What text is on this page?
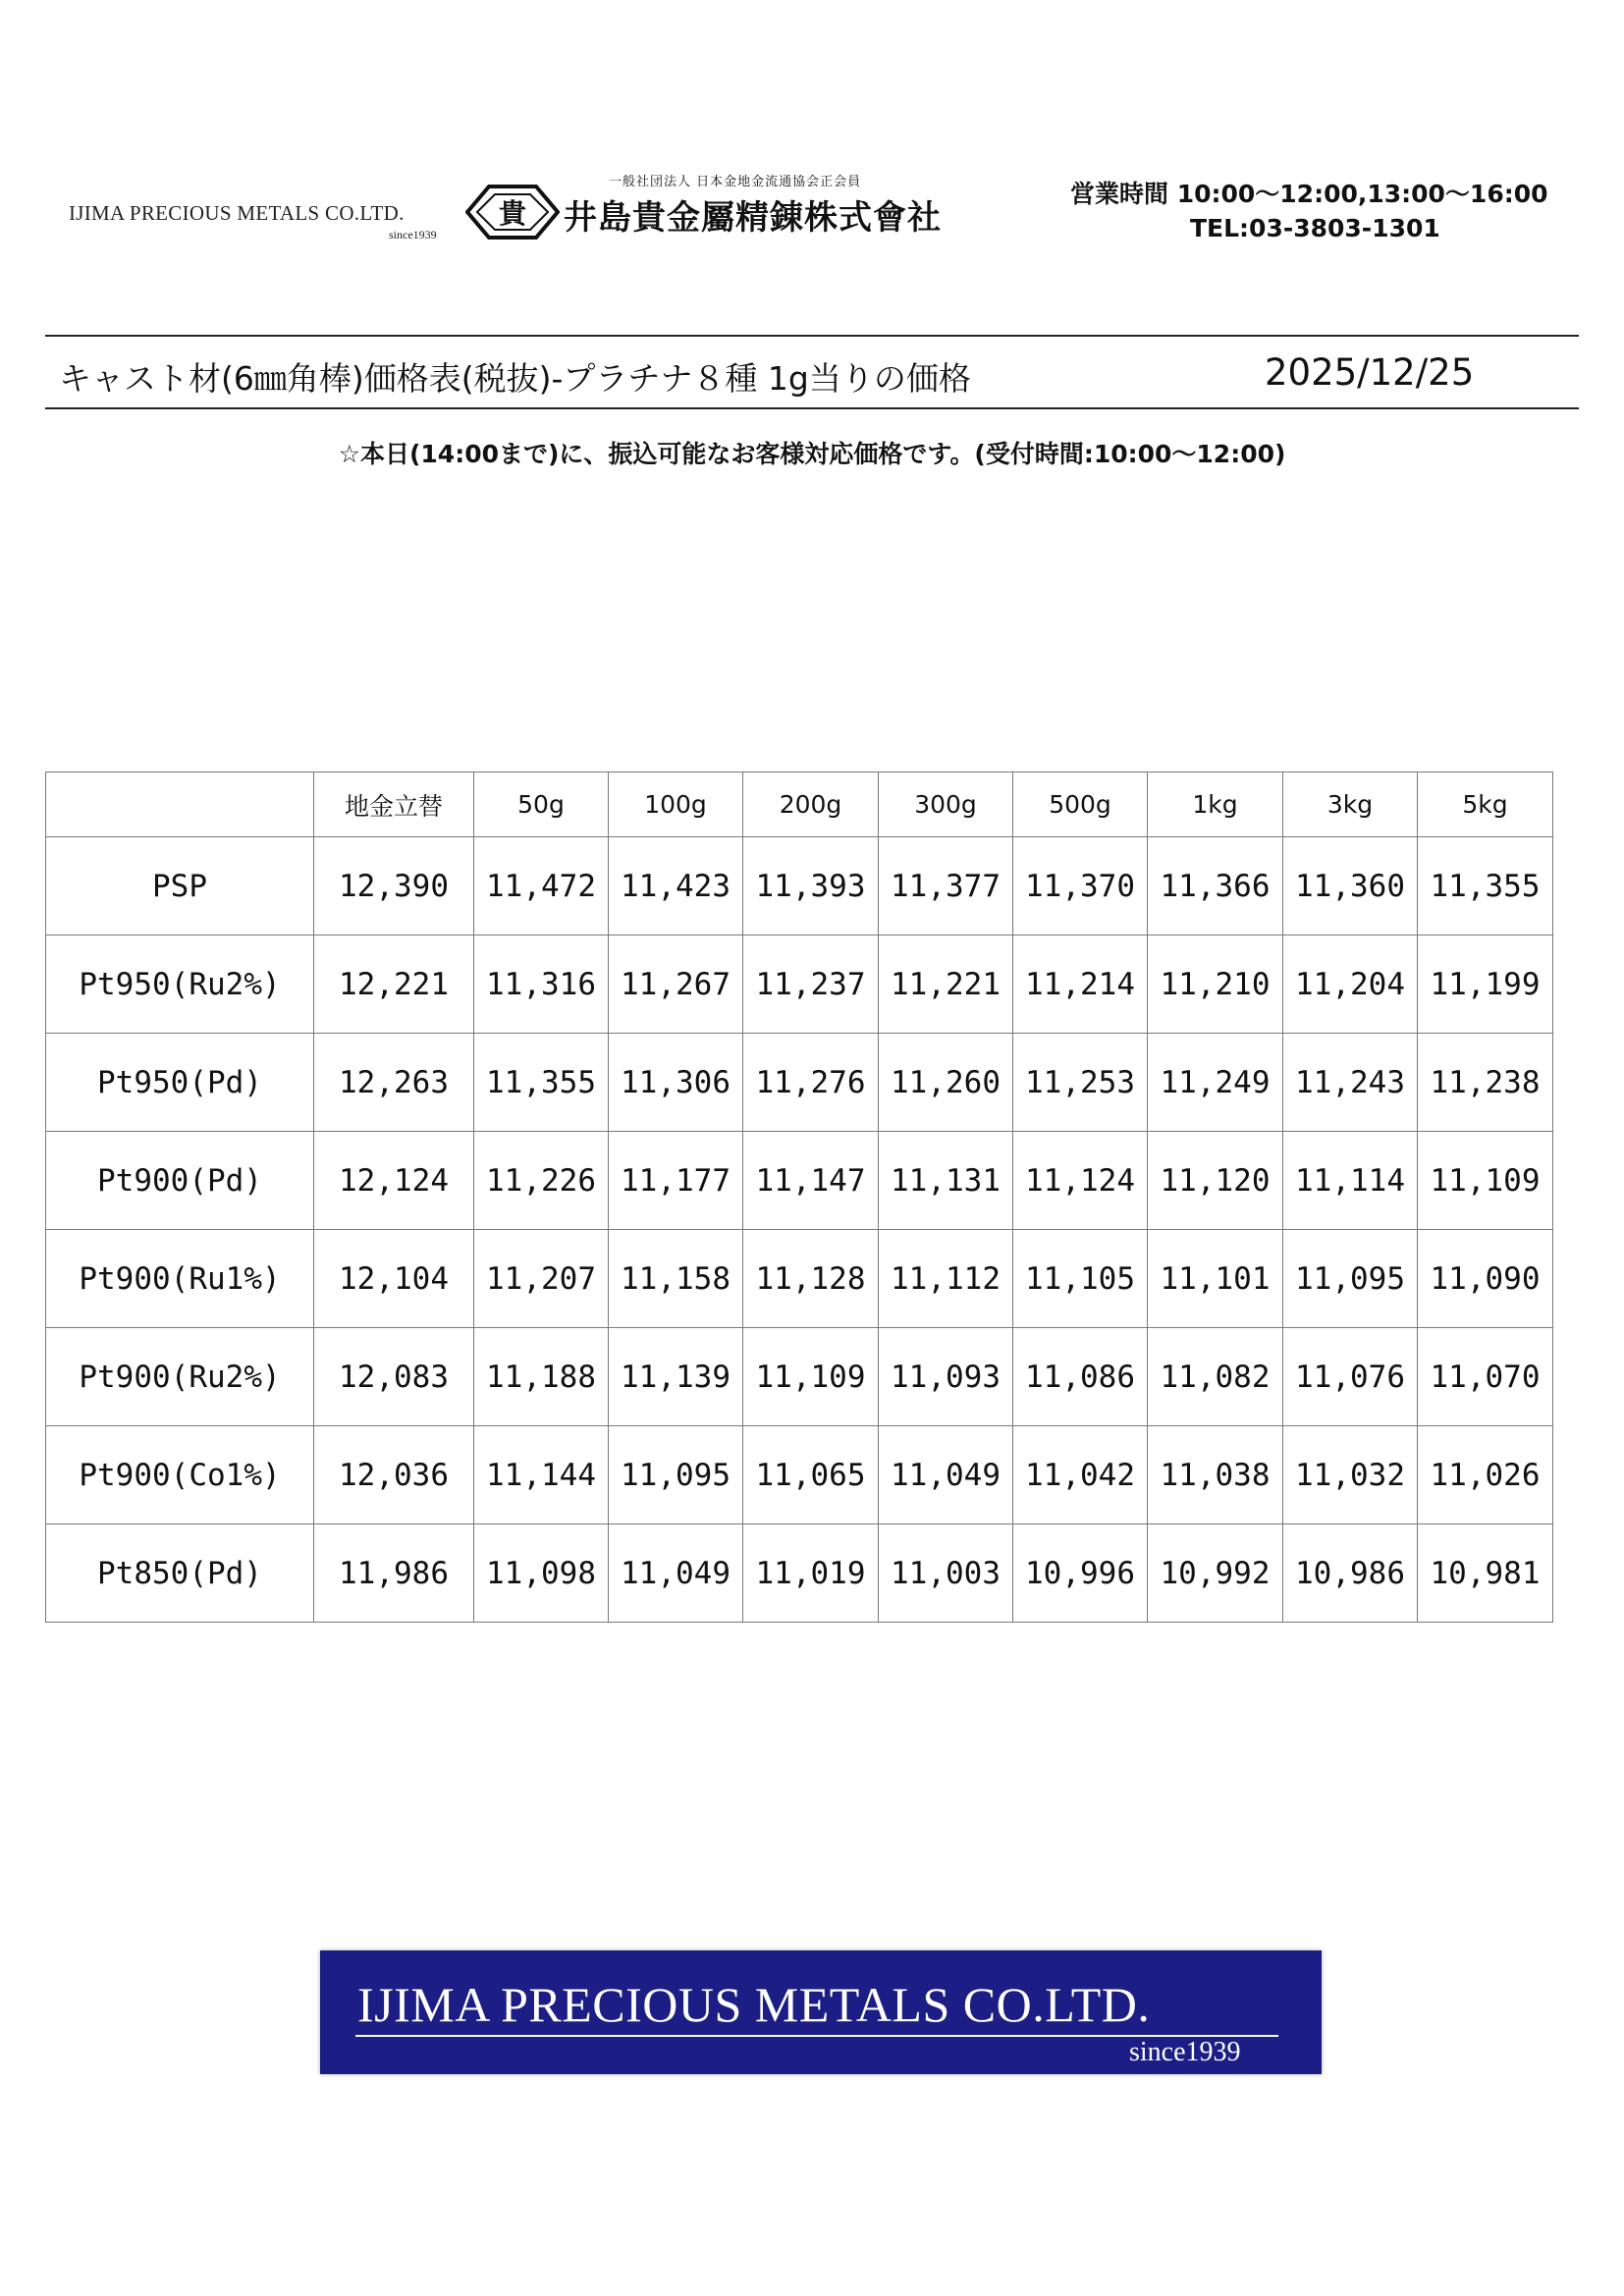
IJIMA PRECIOUS METALS CO.LTD.
since1939
貴
一般社団法人 日本金地金流通協会正会員
井島貴金屬精錬株式會社
営業時間 10:00〜12:00,13:00〜16:00
TEL:03-3803-1301
キャスト材(6㎜角棒)価格表(税抜)-プラチナ８種 1g当りの価格	2025/12/25
☆本日(14:00まで)に、振込可能なお客様対応価格です。(受付時間:10:00〜12:00)
	地金立替	50g	100g	200g	300g	500g	1kg	3kg	5kg
PSP	12,390	11,472	11,423	11,393	11,377	11,370	11,366	11,360	11,355
Pt950(Ru2%)	12,221	11,316	11,267	11,237	11,221	11,214	11,210	11,204	11,199
Pt950(Pd)	12,263	11,355	11,306	11,276	11,260	11,253	11,249	11,243	11,238
Pt900(Pd)	12,124	11,226	11,177	11,147	11,131	11,124	11,120	11,114	11,109
Pt900(Ru1%)	12,104	11,207	11,158	11,128	11,112	11,105	11,101	11,095	11,090
Pt900(Ru2%)	12,083	11,188	11,139	11,109	11,093	11,086	11,082	11,076	11,070
Pt900(Co1%)	12,036	11,144	11,095	11,065	11,049	11,042	11,038	11,032	11,026
Pt850(Pd)	11,986	11,098	11,049	11,019	11,003	10,996	10,992	10,986	10,981
IJIMA PRECIOUS METALS CO.LTD.
since1939
